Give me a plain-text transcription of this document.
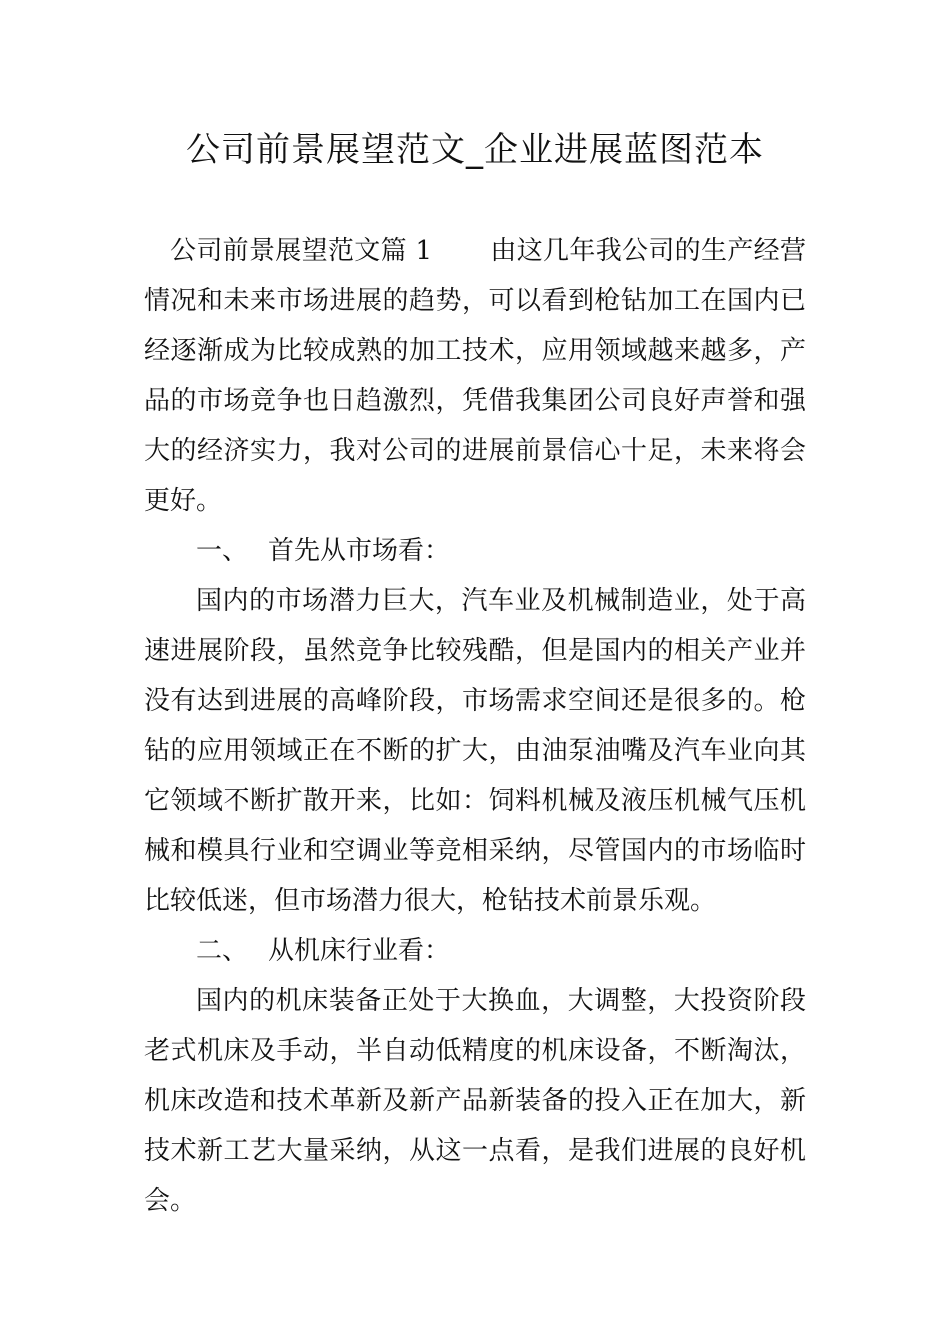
公司前景展望范文_企业进展蓝图范本

公司前景展望范文篇 1 由这几年我公司的生产经营情况和未来市场进展的趋势，可以看到枪钻加工在国内已经逐渐成为比较成熟的加工技术，应用领域越来越多，产品的市场竞争也日趋激烈，凭借我集团公司良好声誉和强大的经济实力，我对公司的进展前景信心十足，未来将会更好。

一、 首先从市场看：

国内的市场潜力巨大，汽车业及机械制造业，处于高速进展阶段，虽然竞争比较残酷，但是国内的相关产业并没有达到进展的高峰阶段，市场需求空间还是很多的。枪钻的应用领域正在不断的扩大，由油泵油嘴及汽车业向其它领域不断扩散开来，比如：饲料机械及液压机械气压机械和模具行业和空调业等竞相采纳，尽管国内的市场临时比较低迷，但市场潜力很大，枪钻技术前景乐观。

二、 从机床行业看：

国内的机床装备正处于大换血，大调整，大投资阶段老式机床及手动，半自动低精度的机床设备，不断淘汰，机床改造和技术革新及新产品新装备的投入正在加大，新技术新工艺大量采纳，从这一点看，是我们进展的良好机会。
